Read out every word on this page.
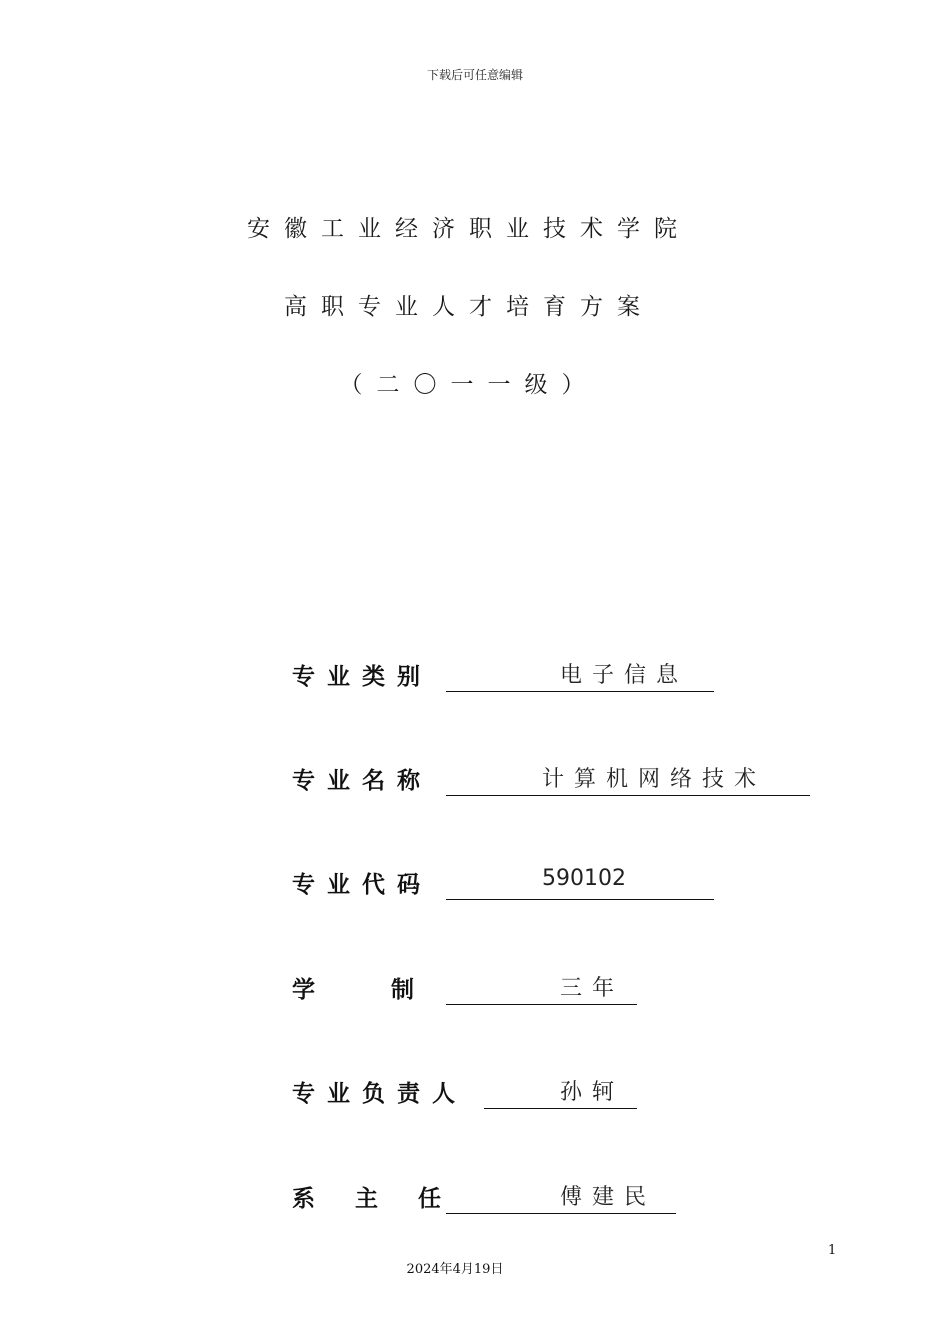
下载后可任意编辑
安徽工业经济职业技术学院
高职专业人才培育方案
（二〇一一级）
专业类别	电子信息
专业名称	计算机网络技术
专业代码	590102
学      制	三年
专业负责人	孙轲
系  主  任	傅建民
1
2024年4月19日
